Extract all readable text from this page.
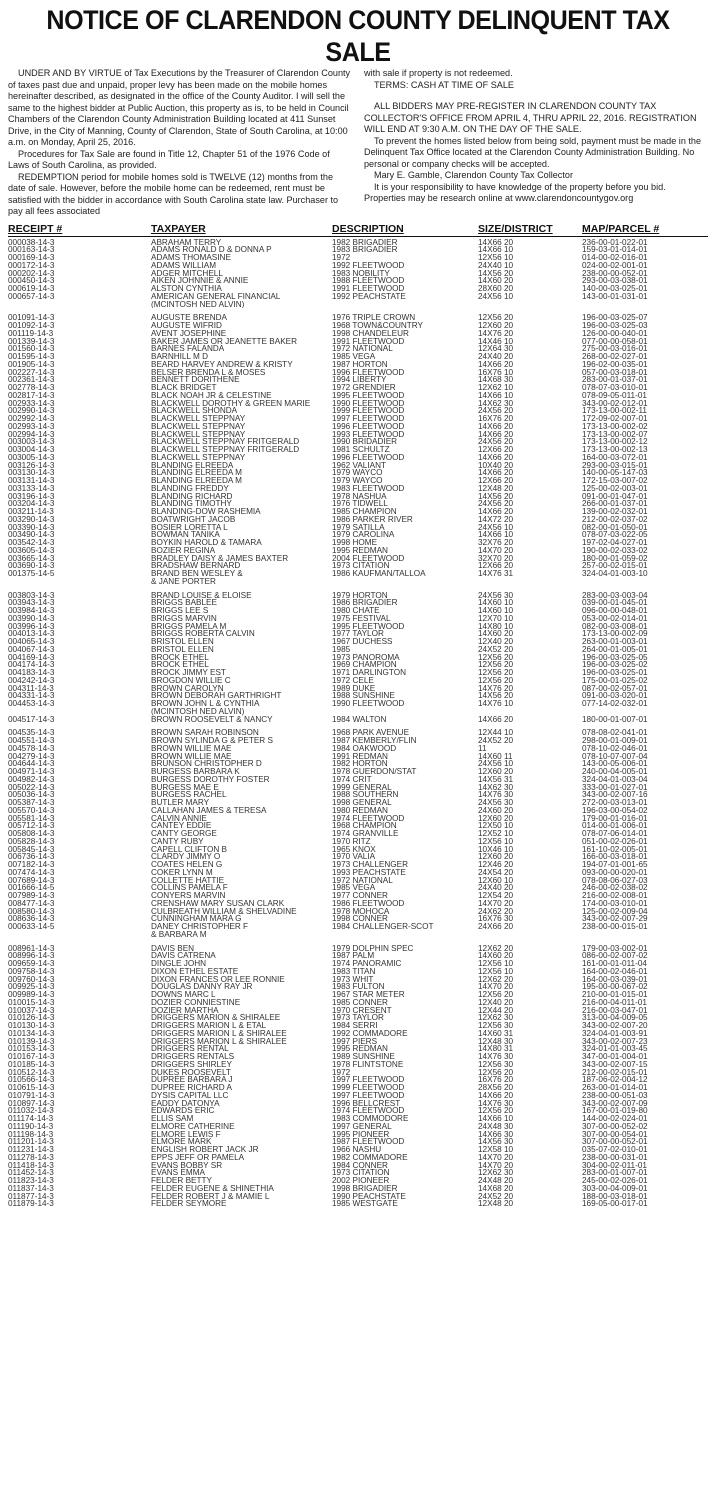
NOTICE OF CLARENDON COUNTY DELINQUENT TAX SALE

UNDER AND BY VIRTUE of Tax Executions by the Treasurer of Clarendon County of taxes past due and unpaid, proper levy has been made on the mobile homes hereinafter described, as designated in the office of the County Auditor. I will sell the same to the highest bidder at Public Auction, this property as is, to be held in Council Chambers of the Clarendon County Administration Building located at 411 Sunset Drive, in the City of Manning, County of Clarendon, State of South Carolina, at 10:00 a.m. on Monday, April 25, 2016.

Procedures for Tax Sale are found in Title 12, Chapter 51 of the 1976 Code of Laws of South Carolina, as provided.

REDEMPTION period for mobile homes sold is TWELVE (12) months from the date of sale. However, before the mobile home can be redeemed, rent must be satisfied with the bidder in accordance with South Carolina state law. Purchaser to pay all fees associated

with sale if property is not redeemed.

TERMS: CASH AT TIME OF SALE

ALL BIDDERS MAY PRE-REGISTER IN CLARENDON COUNTY TAX COLLECTOR'S OFFICE FROM APRIL 4, THRU APRIL 22, 2016. REGISTRATION WILL END AT 9:30 A.M. ON THE DAY OF THE SALE.

To prevent the homes listed below from being sold, payment must be made in the Delinquent Tax Office located at the Clarendon County Administration Building. No personal or company checks will be accepted.

Mary E. Gamble, Clarendon County Tax Collector

It is your responsibility to have knowledge of the property before you bid. Properties may be research online at www.clarendoncountygov.org

RECEIPT #	TAXPAYER	DESCRIPTION	SIZE/DISTRICT	MAP/PARCEL #
000038-14-3	ABRAHAM TERRY	1982 BRIGADIER	14X66 20	236-00-01-022-01
000163-14-3	ADAMS RONALD D & DONNA P	1983 BRIGADIER	14X66 10	159-03-01-014-01
000169-14-3	ADAMS THOMASINE	1972	12X56 10	014-00-02-016-01
000172-14-3	ADAMS WILLIAM	1992 FLEETWOOD	24X40 10	024-00-02-001-01
000202-14-3	ADGER MITCHELL	1983 NOBILITY	14X56 20	238-00-00-052-01
000450-14-3	AIKEN JOHNNIE & ANNIE	1988 FLEETWOOD	14X60 20	293-00-03-038-01
000619-14-3	ALSTON CYNTHIA	1991 FLEETWOOD	28X60 20	140-00-03-025-01
000657-14-3	AMERICAN GENERAL FINANCIAL	1992 PEACHSTATE	24X56 10	143-00-01-031-01
(MCINTOSH NED ALVIN)
001091-14-3	AUGUSTE BRENDA	1976 TRIPLE CROWN	12X56 20	196-00-03-025-07
001092-14-3	AUGUSTE WIFRID	1968 TOWN&COUNTRY	12X60 20	196-00-03-025-03
001119-14-3	AVENT JOSEPHINE	1998 CHANDELEUR	14X76 20	126-00-00-040-01
001339-14-3	BAKER JAMES OR JEANETTE BAKER	1991 FLEETWOOD	14X46 10	077-00-00-058-01
001560-14-3	BARNES FALANDA	1972 NATIONAL	12X64 30	275-00-03-016-01
001595-14-3	BARNHILL M D	1985 VEGA	24X40 20	268-00-02-027-01
001905-14-3	BEARD HARVEY ANDREW & KRISTY	1987 HORTON	14X66 20	196-02-00-035-01
002227-14-3	BELSER BRENDA L & MOSES	1996 FLEETWOOD	16X76 10	057-00-03-018-01
002361-14-3	BENNETT DORITHENE	1994 LIBERTY	14X68 30	283-00-01-037-01
002778-14-3	BLACK BRIDGET	1972 GRENDIER	12X62 10	078-07-03-010-01
002817-14-3	BLACK NOAH JR & CELESTINE	1995 FLEETWOOD	14X66 10	078-09-05-011-01
002933-14-3	BLACKWELL DOROTHY & GREEN MARIE	1990 FLEETWOOD	14X62 30	343-00-02-012-01
002990-14-3	BLACKWELL SHONDA	1999 FLEETWOOD	24X56 20	173-13-00-002-11
002992-14-3	BLACKWELL STEPPNAY	1997 FLEETWOOD	16X76 20	172-09-02-007-01
002993-14-3	BLACKWELL STEPPNAY	1996 FLEETWOOD	14X66 20	173-13-00-002-02
002994-14-3	BLACKWELL STEPPNAY	1993 FLEETWOOD	14X66 20	173-13-00-002-07
003003-14-3	BLACKWELL STEPPNAY FRITGERALD	1990 BRIDADIER	24X56 20	173-13-00-002-12
003004-14-3	BLACKWELL STEPPNAY FRITGERALD	1981 SCHULTZ	12X66 20	173-13-00-002-13
003005-14-3	BLACKWELL STEPPNAY	1996 FLEETWOOD	14X66 20	164-00-03-072-01
003126-14-3	BLANDING ELREEDA	1962 VALIANT	10X40 20	293-00-03-015-01
003130-14-3	BLANDING ELREEDA M	1979 WAYCO	14X66 20	140-00-05-147-03
003131-14-3	BLANDING ELREEDA M	1979 WAYCO	12X66 20	172-15-03-007-02
003133-14-3	BLANDING FREDDY	1983 FLEETWOOD	12X48 20	125-00-02-003-01
003196-14-3	BLANDING RICHARD	1978 NASHUA	14X56 20	091-00-01-047-01
003204-14-3	BLANDING TIMOTHY	1976 TIDWELL	24X56 20	266-00-01-037-01
003211-14-3	BLANDING-DOW RASHEMIA	1985 CHAMPION	14X66 20	139-00-02-032-01
003290-14-3	BOATWRIGHT JACOB	1986 PARKER RIVER	14X72 20	212-00-02-037-02
003390-14-3	BOSIER LORETTA L	1979 SATILLA	24X56 10	082-00-01-050-01
003490-14-3	BOWMAN TANIKA	1979 CAROLINA	14X66 10	078-07-03-022-05
003542-14-3	BOYKIN HAROLD & TAMARA	1998 HOME	32X76 20	197-02-04-027-01
003605-14-3	BOZIER REGINA	1995 REDMAN	14X70 20	190-00-02-033-02
003665-14-3	BRADLEY DAISY & JAMES BAXTER	2004 FLEETWOOD	32X70 20	180-00-01-059-02
003690-14-3	BRADSHAW BERNARD	1973 CITATION	12X66 20	257-00-02-015-01
001375-14-5	BRAND BEN WESLEY &	1986 KAUFMAN/TALLOA	14X76 31	324-04-01-003-10
& JANE PORTER
003803-14-3	BRAND LOUISE & ELOISE	1979 HORTON	24X56 30	283-00-03-003-04
003943-14-3	BRIGGS BABLEE	1986 BRIGADIER	14X60 10	039-00-01-045-01
003984-14-3	BRIGGS LEE S	1980 CHATE	14X60 10	096-00-00-048-01
003990-14-3	BRIGGS MARVIN	1975 FESTIVAL	12X70 10	053-00-02-014-01
003996-14-3	BRIGGS PAMELA M	1995 FLEETWOOD	14X80 10	082-00-03-008-01
004013-14-3	BRIGGS ROBERTA CALVIN	1977 TAYLOR	14X60 20	173-13-00-002-09
004065-14-3	BRISTOL ELLEN	1967 DUCHESS	12X40 20	263-00-01-003-01
004067-14-3	BRISTOL ELLEN	1985	24X52 20	264-00-01-005-01
004169-14-3	BROCK ETHEL	1973 PANOROMA	12X56 20	196-00-03-025-05
004174-14-3	BROCK ETHEL	1969 CHAMPION	12X56 20	196-00-03-025-02
004183-14-3	BROCK JIMMY EST	1971 DARLINGTON	12X56 20	196-00-03-025-01
004242-14-3	BROGDON WILLIE C	1972 CELE	12X56 20	175-00-01-025-02
004311-14-3	BROWN CAROLYN	1989 DUKE	14X76 20	087-00-02-057-01
004331-14-3	BROWN DEBORAH GARTHRIGHT	1988 SUNSHINE	14X56 20	091-00-03-020-01
004453-14-3	BROWN JOHN L & CYNTHIA	1990 FLEETWOOD	14X76 10	077-14-02-032-01
(MCINTOSH NED ALVIN)
004517-14-3	BROWN ROOSEVELT & NANCY	1984 WALTON	14X66 20	180-00-01-007-01
004535-14-3	BROWN SARAH ROBINSON	1968 PARK AVENUE	12X44 10	078-08-02-041-01
004551-14-3	BROWN SYLINDA G & PETER S	1987 KEMBERLY/FLIN	24X52 20	298-00-01-009-01
004578-14-3	BROWN WILLIE MAE	1984 OAKWOOD	11	078-10-02-046-01
004279-14-3	BROWN WILLIE MAE	1991 REDMAN	14X60 11	078-10-07-007-04
004644-14-3	BRUNSON CHRISTOPHER D	1982 HORTON	24X56 10	143-00-05-006-01
004971-14-3	BURGESS BARBARA K	1978 GUERDON/STAT	12X60 20	240-00-04-005-01
004982-14-3	BURGESS DOROTHY FOSTER	1974 CRIT	14X56 31	324-04-01-003-04
005022-14-3	BURGESS MAE E	1999 GENERAL	14X62 30	333-00-01-027-01
005036-14-3	BURGESS RACHEL	1988 SOUTHERN	14X76 30	343-00-02-007-16
005387-14-3	BUTLER MARY	1998 GENERAL	24X56 30	272-00-03-013-01
005570-14-3	CALLAHAN JAMES & TERESA	1980 REDMAN	24X60 20	196-03-00-054-02
005581-14-3	CALVIN ANNIE	1974 FLEETWOOD	12X60 20	179-00-01-016-01
005712-14-3	CANTEY EDDIE	1968 CHAMPION	12X50 10	014-00-01-006-01
005808-14-3	CANTY GEORGE	1974 GRANVILLE	12X52 10	078-07-06-014-01
005828-14-3	CANTY RUBY	1970 RITZ	12X56 10	051-00-02-026-01
005845-14-3	CAPELL CLIFTON B	1965 KNOX	10X46 10	161-10-02-005-01
006736-14-3	CLARDY JIMMY O	1970 VALIA	12X60 20	166-00-03-018-01
007182-14-3	COATES HELEN G	1973 CHALLENGER	12X46 20	194-07-01-001-65
007474-14-3	COKER LYNN M	1993 PEACHSTATE	24X54 20	093-00-00-020-01
007689-14-3	COLLETTE HATTIE	1972 NATIONAL	12X60 10	078-08-06-027-03
001666-14-5	COLLINS PAMELA F	1985 VEGA	24X40 20	246-00-02-038-02
007989-14-3	CONYERS MARVIN	1977 CONNER	12X54 20	216-00-02-008-01
008477-14-3	CRENSHAW MARY SUSAN CLARK	1986 FLEETWOOD	14X70 20	174-00-03-010-01
008580-14-3	CULBREATH WILLIAM & SHELVADINE	1978 MOHOCA	24X62 20	125-00-02-009-04
008636-14-3	CUNNINGHAM MARA G	1998 CONNER	16X76 30	343-00-02-007-29
000633-14-5	DANEY CHRISTOPHER F	1984 CHALLENGER-SCOT	24X66 20	238-00-00-015-01
& BARBARA M
008961-14-3	DAVIS BEN	1979 DOLPHIN SPEC	12X62 20	179-00-03-002-01
008996-14-3	DAVIS CATRENA	1987 PALM	14X60 20	086-00-02-007-02
009659-14-3	DINGLE JOHN	1974 PANORAMIC	12X56 10	161-00-01-011-04
009758-14-3	DIXON ETHEL ESTATE	1983 TITAN	12X56 10	164-00-02-046-01
009760-14-3	DIXON FRANCES OR LEE RONNIE	1973 WHIT	12X62 20	164-00-03-039-01
009925-14-3	DOUGLAS DANNY RAY JR	1983 FULTON	14X70 20	195-00-00-067-02
009989-14-3	DOWNS MARC L	1967 STAR METER	12X56 20	210-00-01-015-01
010015-14-3	DOZIER CONNIESTINE	1985 CONNER	12X40 20	216-00-04-011-01
010037-14-3	DOZIER MARTHA	1970 CRESENT	12X44 20	216-00-03-047-01
010126-14-3	DRIGGERS MARION & SHIRALEE	1973 TAYLOR	12X62 30	313-00-04-009-05
010130-14-3	DRIGGERS MARION L & ETAL	1984 SERRI	12X56 30	343-00-02-007-20
010134-14-3	DRIGGERS MARION L & SHIRALEE	1992 COMMADORE	14X60 31	324-04-01-003-91
010139-14-3	DRIGGERS MARION L & SHIRALEE	1997 PIERS	12X48 30	343-00-02-007-23
010153-14-3	DRIGGERS RENTAL	1995 REDMAN	14X80 31	324-01-01-003-45
010167-14-3	DRIGGERS RENTALS	1989 SUNSHINE	14X76 30	347-00-01-004-01
010185-14-3	DRIGGERS SHIRLEY	1978 FLINTSTONE	12X56 30	343-00-02-007-15
010512-14-3	DUKES ROOSEVELT	1972	12X56 20	212-00-02-015-01
010566-14-3	DUPREE BARBARA J	1997 FLEETWOOD	16X76 20	187-06-02-004-12
010615-14-3	DUPREE RICHARD A	1999 FLEETWOOD	28X56 20	263-00-01-014-01
010791-14-3	DYSIS CAPITAL LLC	1997 FLEETWOOD	14X66 20	238-00-00-051-03
010897-14-3	EADDY DATONYA	1996 BELLCREST	14X76 30	343-00-02-007-09
011032-14-3	EDWARDS ERIC	1974 FLEETWOOD	12X56 20	167-00-01-019-80
011174-14-3	ELLIS SAM	1983 COMMODORE	14X66 10	144-00-02-024-01
011190-14-3	ELMORE CATHERINE	1997 GENERAL	24X48 30	307-00-00-052-02
011198-14-3	ELMORE LEWIS F	1995 PIONEER	14X66 30	307-00-00-054-01
011201-14-3	ELMORE MARK	1987 FLEETWOOD	14X56 30	307-00-00-052-01
011231-14-3	ENGLISH ROBERT JACK JR	1966 NASHU	12X58 10	035-07-02-010-01
011278-14-3	EPPS JEFF OR PAMELA	1982 COMMADORE	14X70 20	238-00-00-031-01
011418-14-3	EVANS BOBBY SR	1984 CONNER	14X70 20	304-00-02-011-01
011452-14-3	EVANS EMMA	1973 CITATION	12X62 30	283-00-01-007-01
011823-14-3	FELDER BETTY	2002 PIONEER	24X48 20	245-00-02-026-01
011837-14-3	FELDER EUGENE & SHINETHIA	1998 BRIGADIER	14X68 20	303-00-04-009-01
011877-14-3	FELDER ROBERT J & MAMIE L	1990 PEACHSTATE	24X52 20	188-00-03-018-01
011879-14-3	FELDER SEYMORE	1985 WESTGATE	12X48 20	169-05-00-017-01
